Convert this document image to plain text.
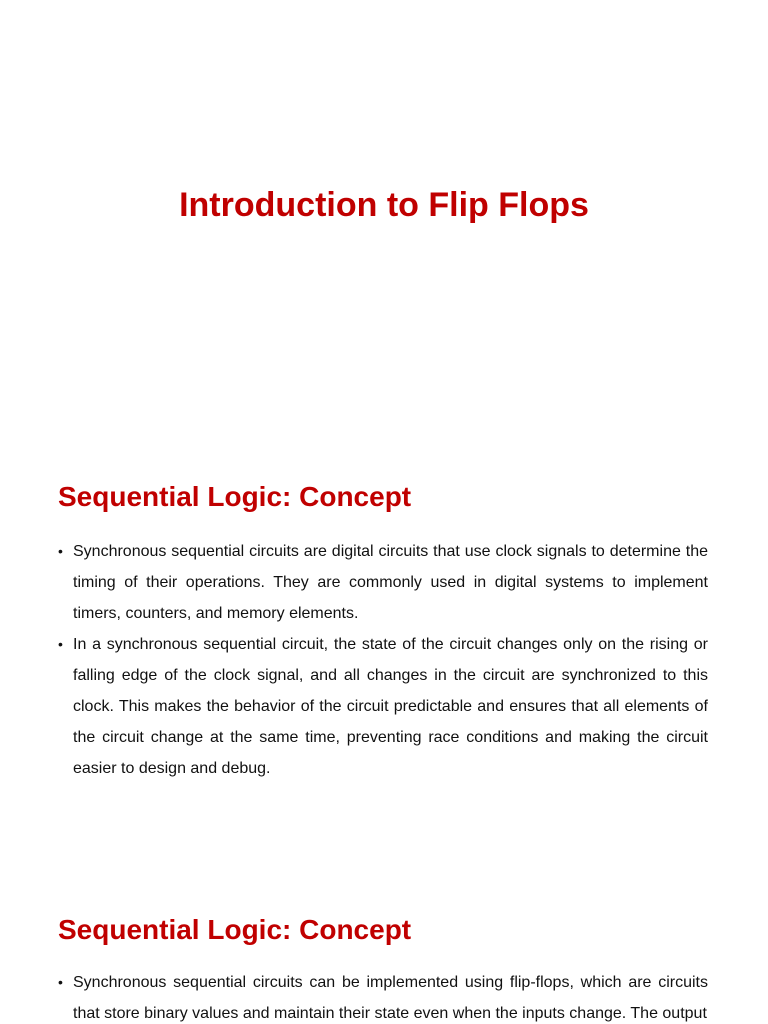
Introduction to Flip Flops
Sequential Logic: Concept
• Synchronous sequential circuits are digital circuits that use clock signals to determine the timing of their operations. They are commonly used in digital systems to implement timers, counters, and memory elements.
• In a synchronous sequential circuit, the state of the circuit changes only on the rising or falling edge of the clock signal, and all changes in the circuit are synchronized to this clock. This makes the behavior of the circuit predictable and ensures that all elements of the circuit change at the same time, preventing race conditions and making the circuit easier to design and debug.
Sequential Logic: Concept
• Synchronous sequential circuits can be implemented using flip-flops, which are circuits that store binary values and maintain their state even when the inputs change. The output
